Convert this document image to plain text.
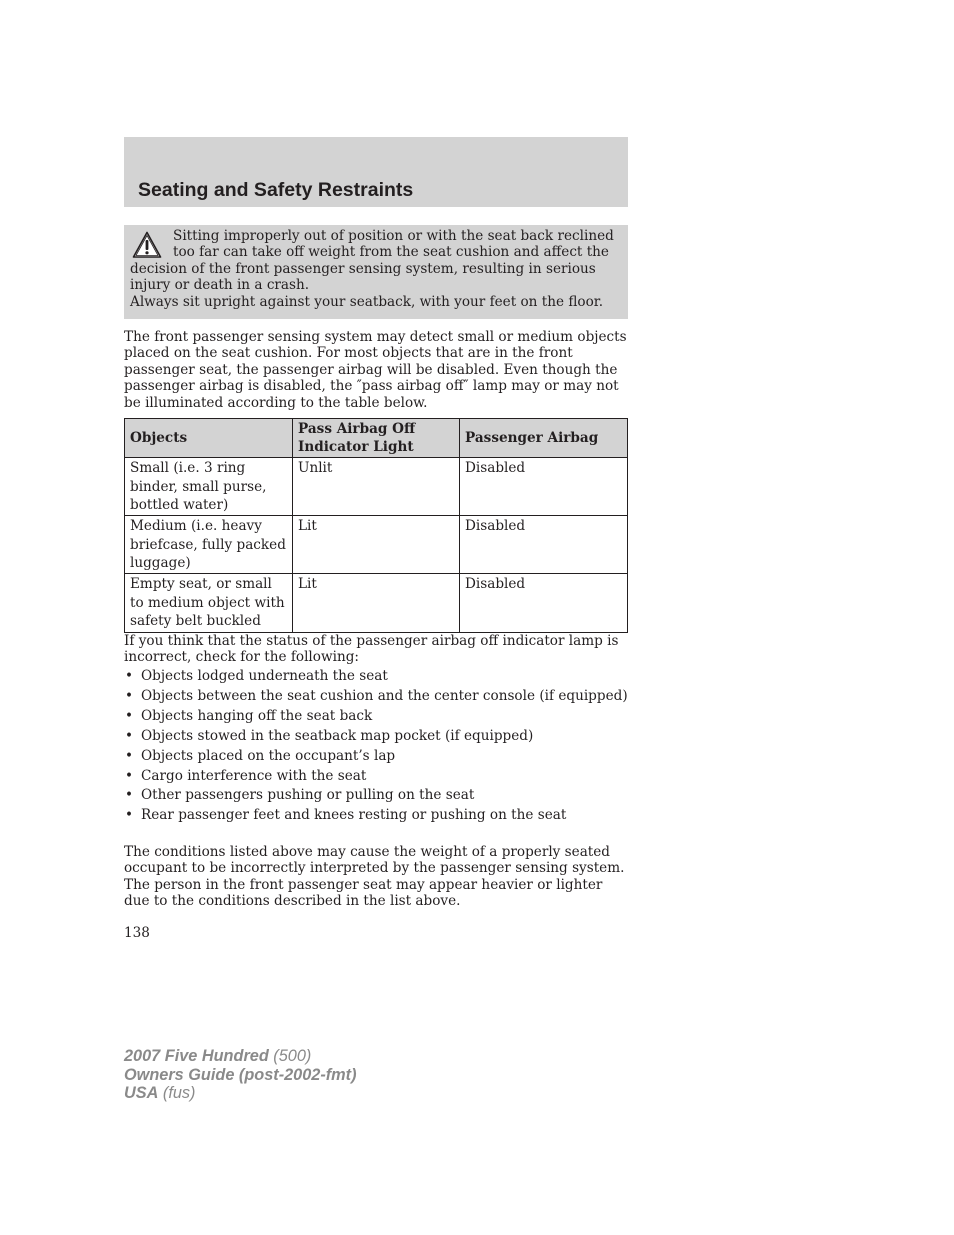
Seating and Safety Restraints

Sitting improperly out of position or with the seat back reclined too far can take off weight from the seat cushion and affect the decision of the front passenger sensing system, resulting in serious injury or death in a crash.

Always sit upright against your seatback, with your feet on the floor.

The front passenger sensing system may detect small or medium objects placed on the seat cushion. For most objects that are in the front passenger seat, the passenger airbag will be disabled. Even though the passenger airbag is disabled, the ″pass airbag off″ lamp may or may not be illuminated according to the table below.

Objects	Pass Airbag Off Indicator Light	Passenger Airbag
Small (i.e. 3 ring binder, small purse, bottled water)	Unlit	Disabled
Medium (i.e. heavy briefcase, fully packed luggage)	Lit	Disabled
Empty seat, or small to medium object with safety belt buckled	Lit	Disabled

If you think that the status of the passenger airbag off indicator lamp is incorrect, check for the following:

• Objects lodged underneath the seat
• Objects between the seat cushion and the center console (if equipped)
• Objects hanging off the seat back
• Objects stowed in the seatback map pocket (if equipped)
• Objects placed on the occupant’s lap
• Cargo interference with the seat
• Other passengers pushing or pulling on the seat
• Rear passenger feet and knees resting or pushing on the seat

The conditions listed above may cause the weight of a properly seated occupant to be incorrectly interpreted by the passenger sensing system. The person in the front passenger seat may appear heavier or lighter due to the conditions described in the list above.

138

2007 Five Hundred (500)
Owners Guide (post-2002-fmt)
USA (fus)
